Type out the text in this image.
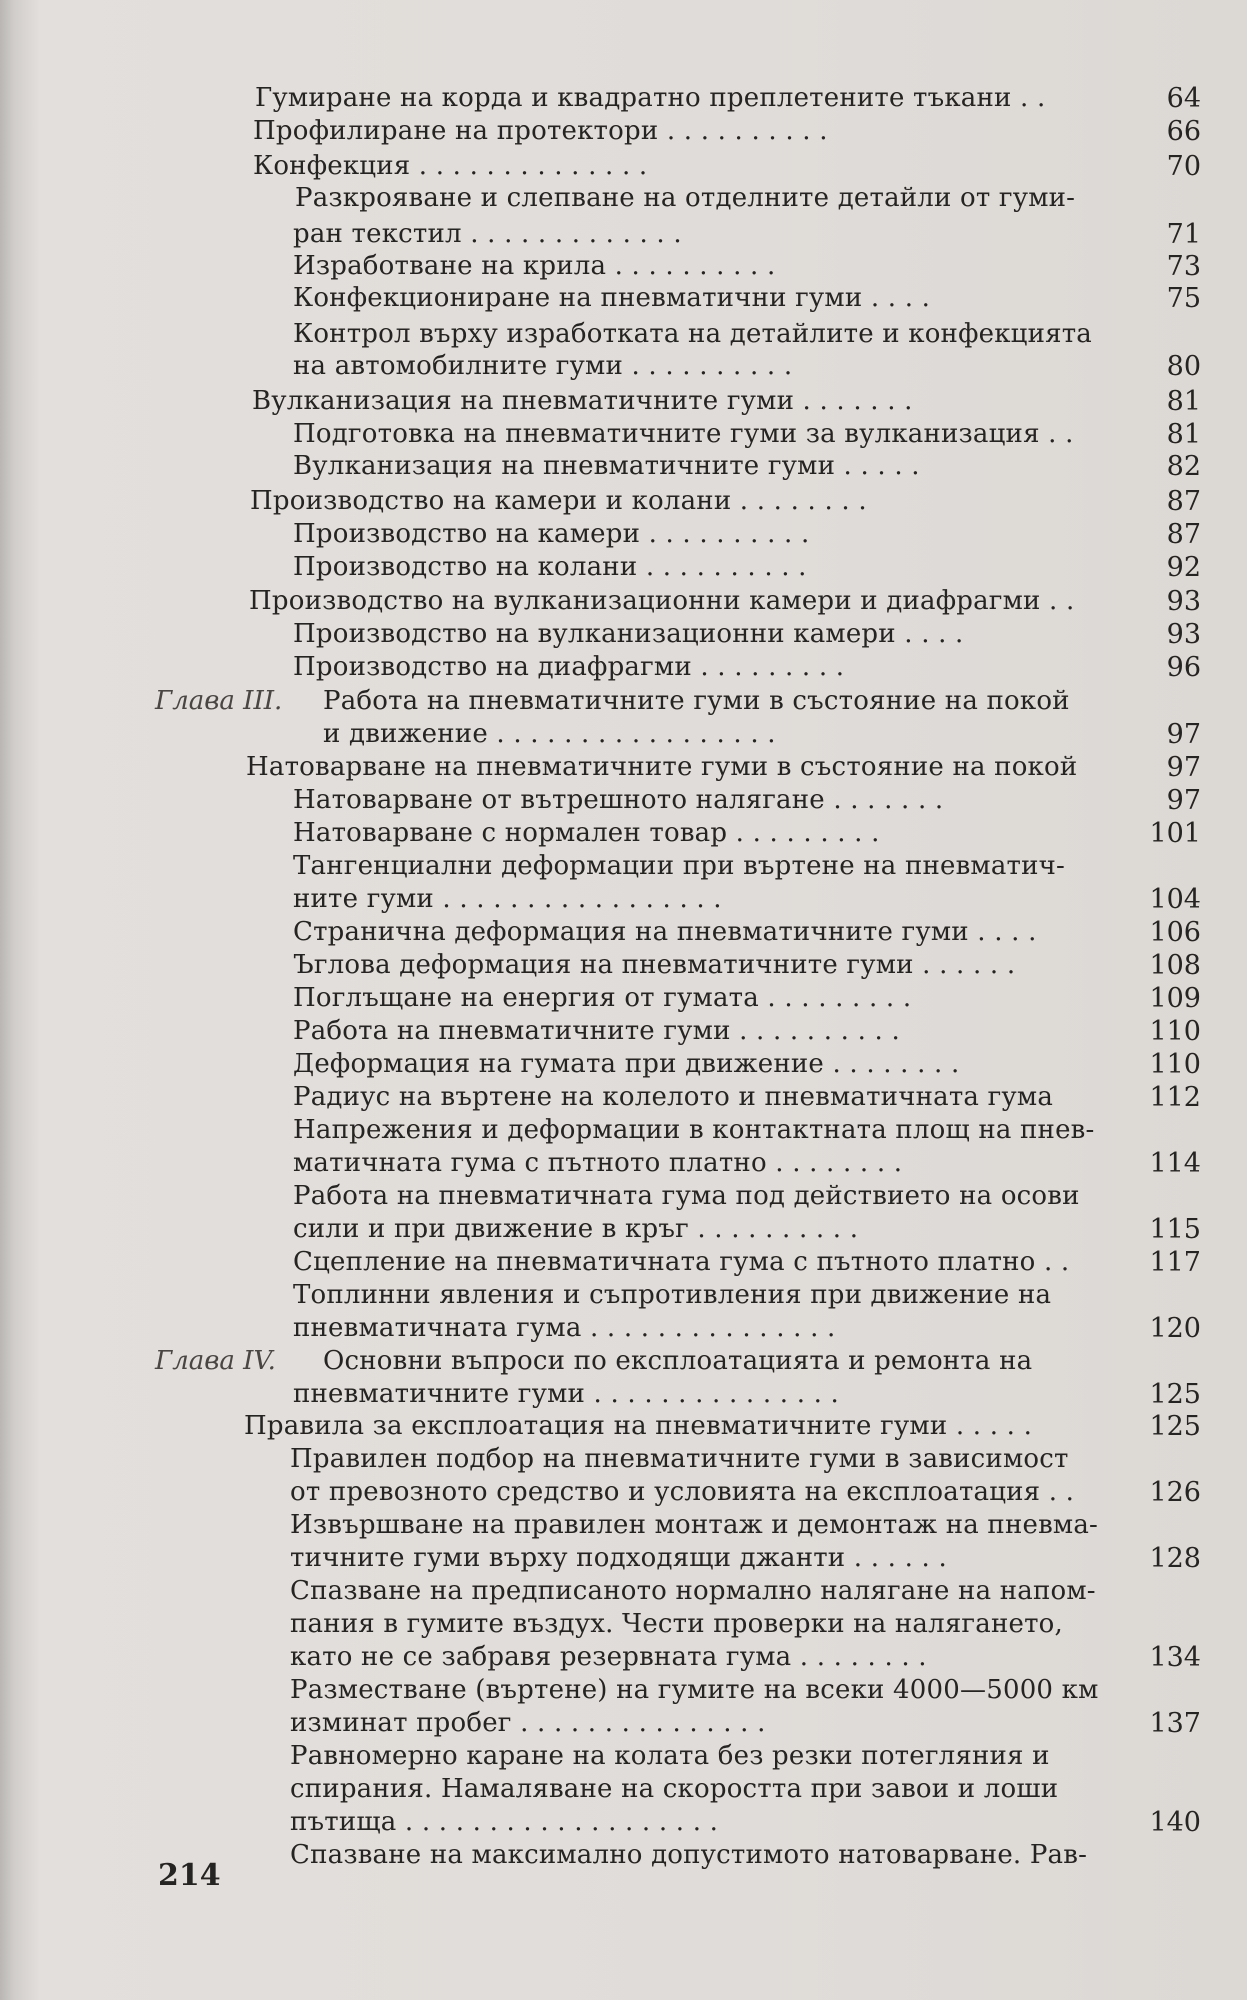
Гумиране на корда и квадратно преплетените тъкани . .	64
Профилиране на протектори . . . . . . . . . .	66
Конфекция . . . . . . . . . . . . . .	70
Разкрояване и слепване на отделните детайли от гуми-
ран текстил . . . . . . . . . . . . .	71
Изработване на крила . . . . . . . . . .	73
Конфекциониране на пневматични гуми . . . .	75
Контрол върху изработката на детайлите и конфекцията
на автомобилните гуми . . . . . . . . . .	80
Вулканизация на пневматичните гуми . . . . . . .	81
Подготовка на пневматичните гуми за вулканизация . .	81
Вулканизация на пневматичните гуми . . . . .	82
Производство на камери и колани . . . . . . . .	87
Производство на камери . . . . . . . . . .	87
Производство на колани . . . . . . . . . .	92
Производство на вулканизационни камери и диафрагми . .	93
Производство на вулканизационни камери . . . .	93
Производство на диафрагми . . . . . . . . .	96
Глава III. Работа на пневматичните гуми в състояние на покой
и движение . . . . . . . . . . . . . . . . .	97
Натоварване на пневматичните гуми в състояние на покой	97
Натоварване от вътрешното налягане . . . . . . .	97
Натоварване с нормален товар . . . . . . . . .	101
Тангенциални деформации при въртене на пневматич-
ните гуми . . . . . . . . . . . . . . . . .	104
Странична деформация на пневматичните гуми . . . .	106
Ъглова деформация на пневматичните гуми . . . . . .	108
Поглъщане на енергия от гумата . . . . . . . . .	109
Работа на пневматичните гуми . . . . . . . . . .	110
Деформация на гумата при движение . . . . . . . .	110
Радиус на въртене на колелото и пневматичната гума	112
Напрежения и деформации в контактната площ на пнев-
матичната гума с пътното платно . . . . . . . .	114
Работа на пневматичната гума под действието на осови
сили и при движение в кръг . . . . . . . . . .	115
Сцепление на пневматичната гума с пътното платно . .	117
Топлинни явления и съпротивления при движение на
пневматичната гума . . . . . . . . . . . . . . .	120
Глава IV. Основни въпроси по експлоатацията и ремонта на
пневматичните гуми . . . . . . . . . . . . . . .	125
Правила за експлоатация на пневматичните гуми . . . . .	125
Правилен подбор на пневматичните гуми в зависимост
от превозното средство и условията на експлоатация . .	126
Извършване на правилен монтаж и демонтаж на пневма-
тичните гуми върху подходящи джанти . . . . . .	128
Спазване на предписаното нормално налягане на напом-
пания в гумите въздух. Чести проверки на налягането,
като не се забравя резервната гума . . . . . . . .	134
Разместване (въртене) на гумите на всеки 4000—5000 км
изминат пробег . . . . . . . . . . . . . . .	137
Равномерно каране на колата без резки потегляния и
спирания. Намаляване на скоростта при завои и лоши
пътища . . . . . . . . . . . . . . . . . . .	140
Спазване на максимално допустимото натоварване. Рав-
214
